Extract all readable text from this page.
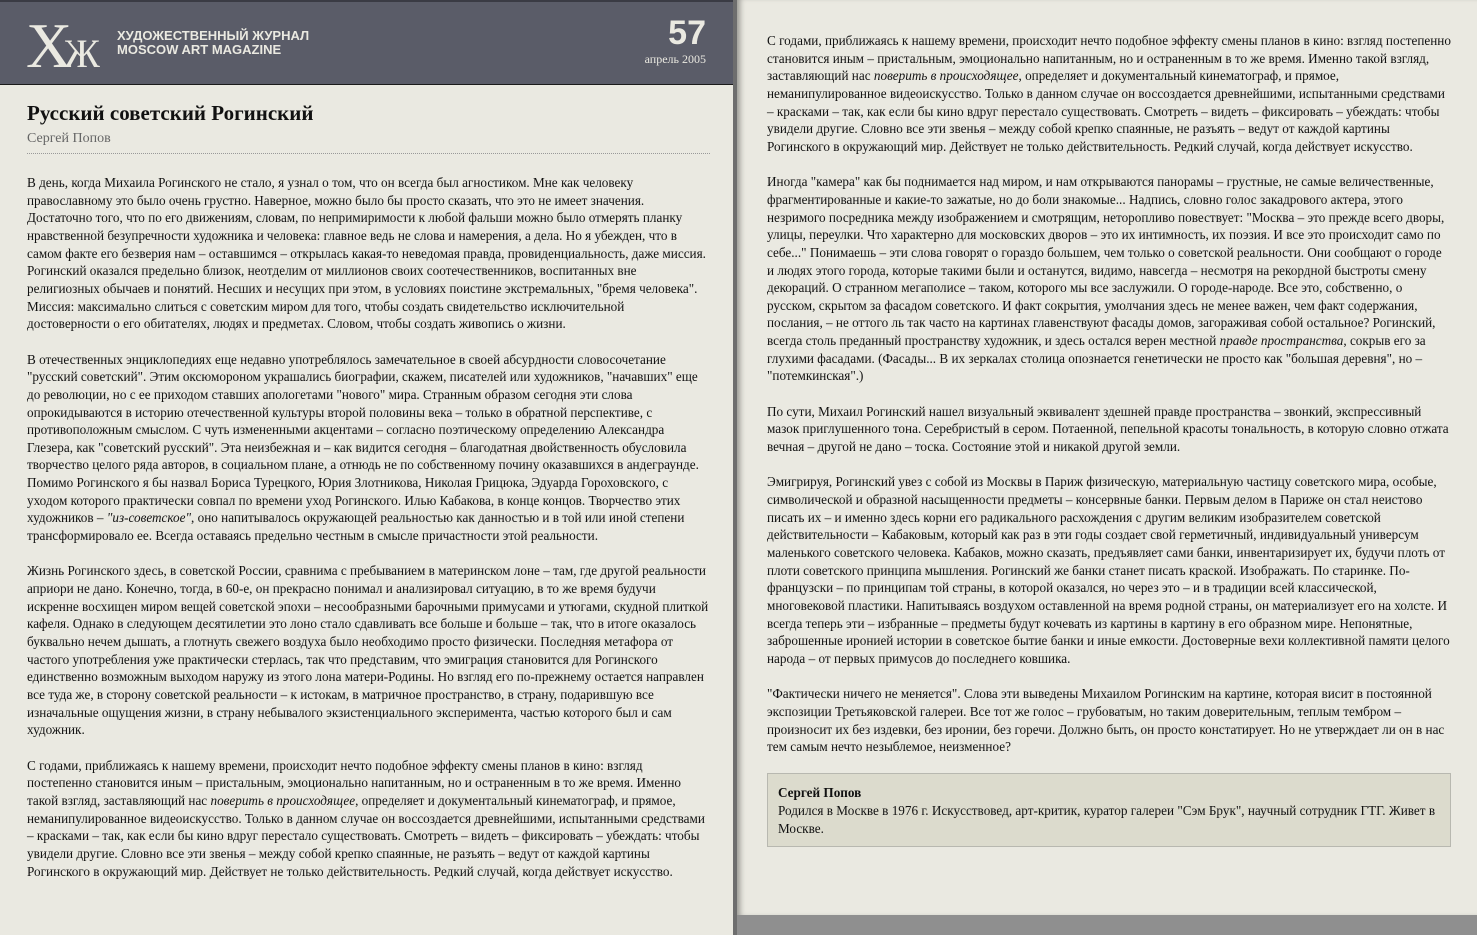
Х
Ж ХУДОЖЕСТВЕННЫЙ ЖУРНАЛ
MOSCOW ART MAGAZINE	57
апрель 2005
Русский советский Рогинский
Сергей Попов

В день, когда Михаила Рогинского не стало, я узнал о том, что он всегда был агностиком. Мне как человеку православному это было очень грустно. Наверное, можно было бы просто сказать, что это не имеет значения. Достаточно того, что по его движениям, словам, по непримиримости к любой фальши можно было отмерять планку нравственной безупречности художника и человека: главное ведь не слова и намерения, а дела. Но я убежден, что в самом факте его безверия нам – оставшимся – открылась какая-то неведомая правда, провиденциальность, даже миссия. Рогинский оказался предельно близок, неотделим от миллионов своих соотечественников, воспитанных вне религиозных обычаев и понятий. Несших и несущих при этом, в условиях поистине экстремальных, "бремя человека". Миссия: максимально слиться с советским миром для того, чтобы создать свидетельство исключительной достоверности о его обитателях, людях и предметах. Словом, чтобы создать живопись о жизни.

В отечественных энциклопедиях еще недавно употреблялось замечательное в своей абсурдности словосочетание "русский советский". Этим оксюмороном украшались биографии, скажем, писателей или художников, "начавших" еще до революции, но с ее приходом ставших апологетами "нового" мира. Странным образом сегодня эти слова опрокидываются в историю отечественной культуры второй половины века – только в обратной перспективе, с противоположным смыслом. С чуть измененными акцентами – согласно поэтическому определению Александра Глезера, как "советский русский". Эта неизбежная и – как видится сегодня – благодатная двойственность обусловила творчество целого ряда авторов, в социальном плане, а отнюдь не по собственному почину оказавшихся в андеграунде. Помимо Рогинского я бы назвал Бориса Турецкого, Юрия Злотникова, Николая Грицюка, Эдуарда Гороховского, с уходом которого практически совпал по времени уход Рогинского. Илью Кабакова, в конце концов. Творчество этих художников – "из-советское", оно напитывалось окружающей реальностью как данностью и в той или иной степени трансформировало ее. Всегда оставаясь предельно честным в смысле причастности этой реальности.

Жизнь Рогинского здесь, в советской России, сравнима с пребыванием в материнском лоне – там, где другой реальности априори не дано. Конечно, тогда, в 60-е, он прекрасно понимал и анализировал ситуацию, в то же время будучи искренне восхищен миром вещей советской эпохи – несообразными барочными примусами и утюгами, скудной плиткой кафеля. Однако в следующем десятилетии это лоно стало сдавливать все больше и больше – так, что в итоге оказалось буквально нечем дышать, а глотнуть свежего воздуха было необходимо просто физически. Последняя метафора от частого употребления уже практически стерлась, так что представим, что эмиграция становится для Рогинского единственно возможным выходом наружу из этого лона матери-Родины. Но взгляд его по-прежнему остается направлен все туда же, в сторону советской реальности – к истокам, в матричное пространство, в страну, подарившую все изначальные ощущения жизни, в страну небывалого экзистенциального эксперимента, частью которого был и сам художник.

С годами, приближаясь к нашему времени, происходит нечто подобное эффекту смены планов в кино: взгляд постепенно становится иным – пристальным, эмоционально напитанным, но и остраненным в то же время. Именно такой взгляд, заставляющий нас поверить в происходящее, определяет и документальный кинематограф, и прямое, неманипулированное видеоискусство. Только в данном случае он воссоздается древнейшими, испытанными средствами – красками – так, как если бы кино вдруг перестало существовать. Смотреть – видеть – фиксировать – убеждать: чтобы увидели другие. Словно все эти звенья – между собой крепко спаянные, не разъять – ведут от каждой картины Рогинского в окружающий мир. Действует не только действительность. Редкий случай, когда действует искусство.

С годами, приближаясь к нашему времени, происходит нечто подобное эффекту смены планов в кино: взгляд постепенно становится иным – пристальным, эмоционально напитанным, но и остраненным в то же время. Именно такой взгляд, заставляющий нас поверить в происходящее, определяет и документальный кинематограф, и прямое, неманипулированное видеоискусство. Только в данном случае он воссоздается древнейшими, испытанными средствами – красками – так, как если бы кино вдруг перестало существовать. Смотреть – видеть – фиксировать – убеждать: чтобы увидели другие. Словно все эти звенья – между собой крепко спаянные, не разъять – ведут от каждой картины Рогинского в окружающий мир. Действует не только действительность. Редкий случай, когда действует искусство.

Иногда "камера" как бы поднимается над миром, и нам открываются панорамы – грустные, не самые величественные, фрагментированные и какие-то зажатые, но до боли знакомые... Надпись, словно голос закадрового актера, этого незримого посредника между изображением и смотрящим, неторопливо повествует: "Москва – это прежде всего дворы, улицы, переулки. Что характерно для московских дворов – это их интимность, их поэзия. И все это происходит само по себе..." Понимаешь – эти слова говорят о гораздо большем, чем только о советской реальности. Они сообщают о городе и людях этого города, которые такими были и останутся, видимо, навсегда – несмотря на рекордной быстроты смену декораций. О странном мегаполисе – таком, которого мы все заслужили. О городе-народе. Все это, собственно, о русском, скрытом за фасадом советского. И факт сокрытия, умолчания здесь не менее важен, чем факт содержания, послания, – не оттого ль так часто на картинах главенствуют фасады домов, загораживая собой остальное? Рогинский, всегда столь преданный пространству художник, и здесь остался верен местной правде пространства, сокрыв его за глухими фасадами. (Фасады... В их зеркалах столица опознается генетически не просто как "большая деревня", но – "потемкинская".)

По сути, Михаил Рогинский нашел визуальный эквивалент здешней правде пространства – звонкий, экспрессивный мазок приглушенного тона. Серебристый в сером. Потаенной, пепельной красоты тональность, в которую словно отжата вечная – другой не дано – тоска. Состояние этой и никакой другой земли.

Эмигрируя, Рогинский увез с собой из Москвы в Париж физическую, материальную частицу советского мира, особые, символической и образной насыщенности предметы – консервные банки. Первым делом в Париже он стал неистово писать их – и именно здесь корни его радикального расхождения с другим великим изобразителем советской действительности – Кабаковым, который как раз в эти годы создает свой герметичный, индивидуальный универсум маленького советского человека. Кабаков, можно сказать, предъявляет сами банки, инвентаризирует их, будучи плоть от плоти советского принципа мышления. Рогинский же банки станет писать краской. Изображать. По старинке. По-французски – по принципам той страны, в которой оказался, но через это – и в традиции всей классической, многовековой пластики. Напитываясь воздухом оставленной на время родной страны, он материализует его на холсте. И всегда теперь эти – избранные – предметы будут кочевать из картины в картину в его образном мире. Непонятные, заброшенные иронией истории в советское бытие банки и иные емкости. Достоверные вехи коллективной памяти целого народа – от первых примусов до последнего ковшика.

"Фактически ничего не меняется". Слова эти выведены Михаилом Рогинским на картине, которая висит в постоянной экспозиции Третьяковской галереи. Все тот же голос – грубоватым, но таким доверительным, теплым тембром – произносит их без издевки, без иронии, без горечи. Должно быть, он просто констатирует. Но не утверждает ли он в нас тем самым нечто незыблемое, неизменное?

Сергей Попов
Родился в Москве в 1976 г. Искусствовед, арт-критик, куратор галереи "Сэм Брук", научный сотрудник ГТГ. Живет в Москве.
